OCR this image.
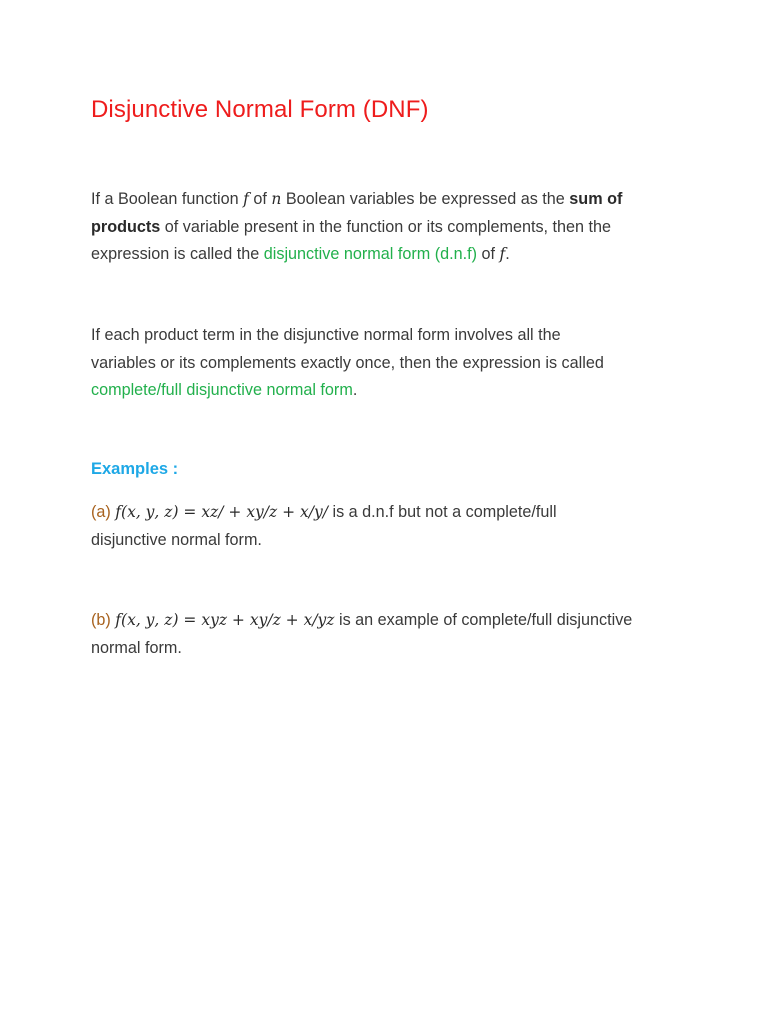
Disjunctive Normal Form (DNF)

If a Boolean function 𝑓 of 𝑛 Boolean variables be expressed as the sum of
products of variable present in the function or its complements, then the
expression is called the disjunctive normal form (d.n.f) of 𝑓.

If each product term in the disjunctive normal form involves all the
variables or its complements exactly once, then the expression is called
complete/full disjunctive normal form.

Examples :

(a) 𝑓(𝑥, 𝑦, 𝑧) = 𝑥𝑧/ + 𝑥𝑦/𝑧 + 𝑥/𝑦/ is a d.n.f but not a complete/full
disjunctive normal form.

(b) 𝑓(𝑥, 𝑦, 𝑧) = 𝑥𝑦𝑧 + 𝑥𝑦/𝑧 + 𝑥/𝑦𝑧 is an example of complete/full disjunctive
normal form.
